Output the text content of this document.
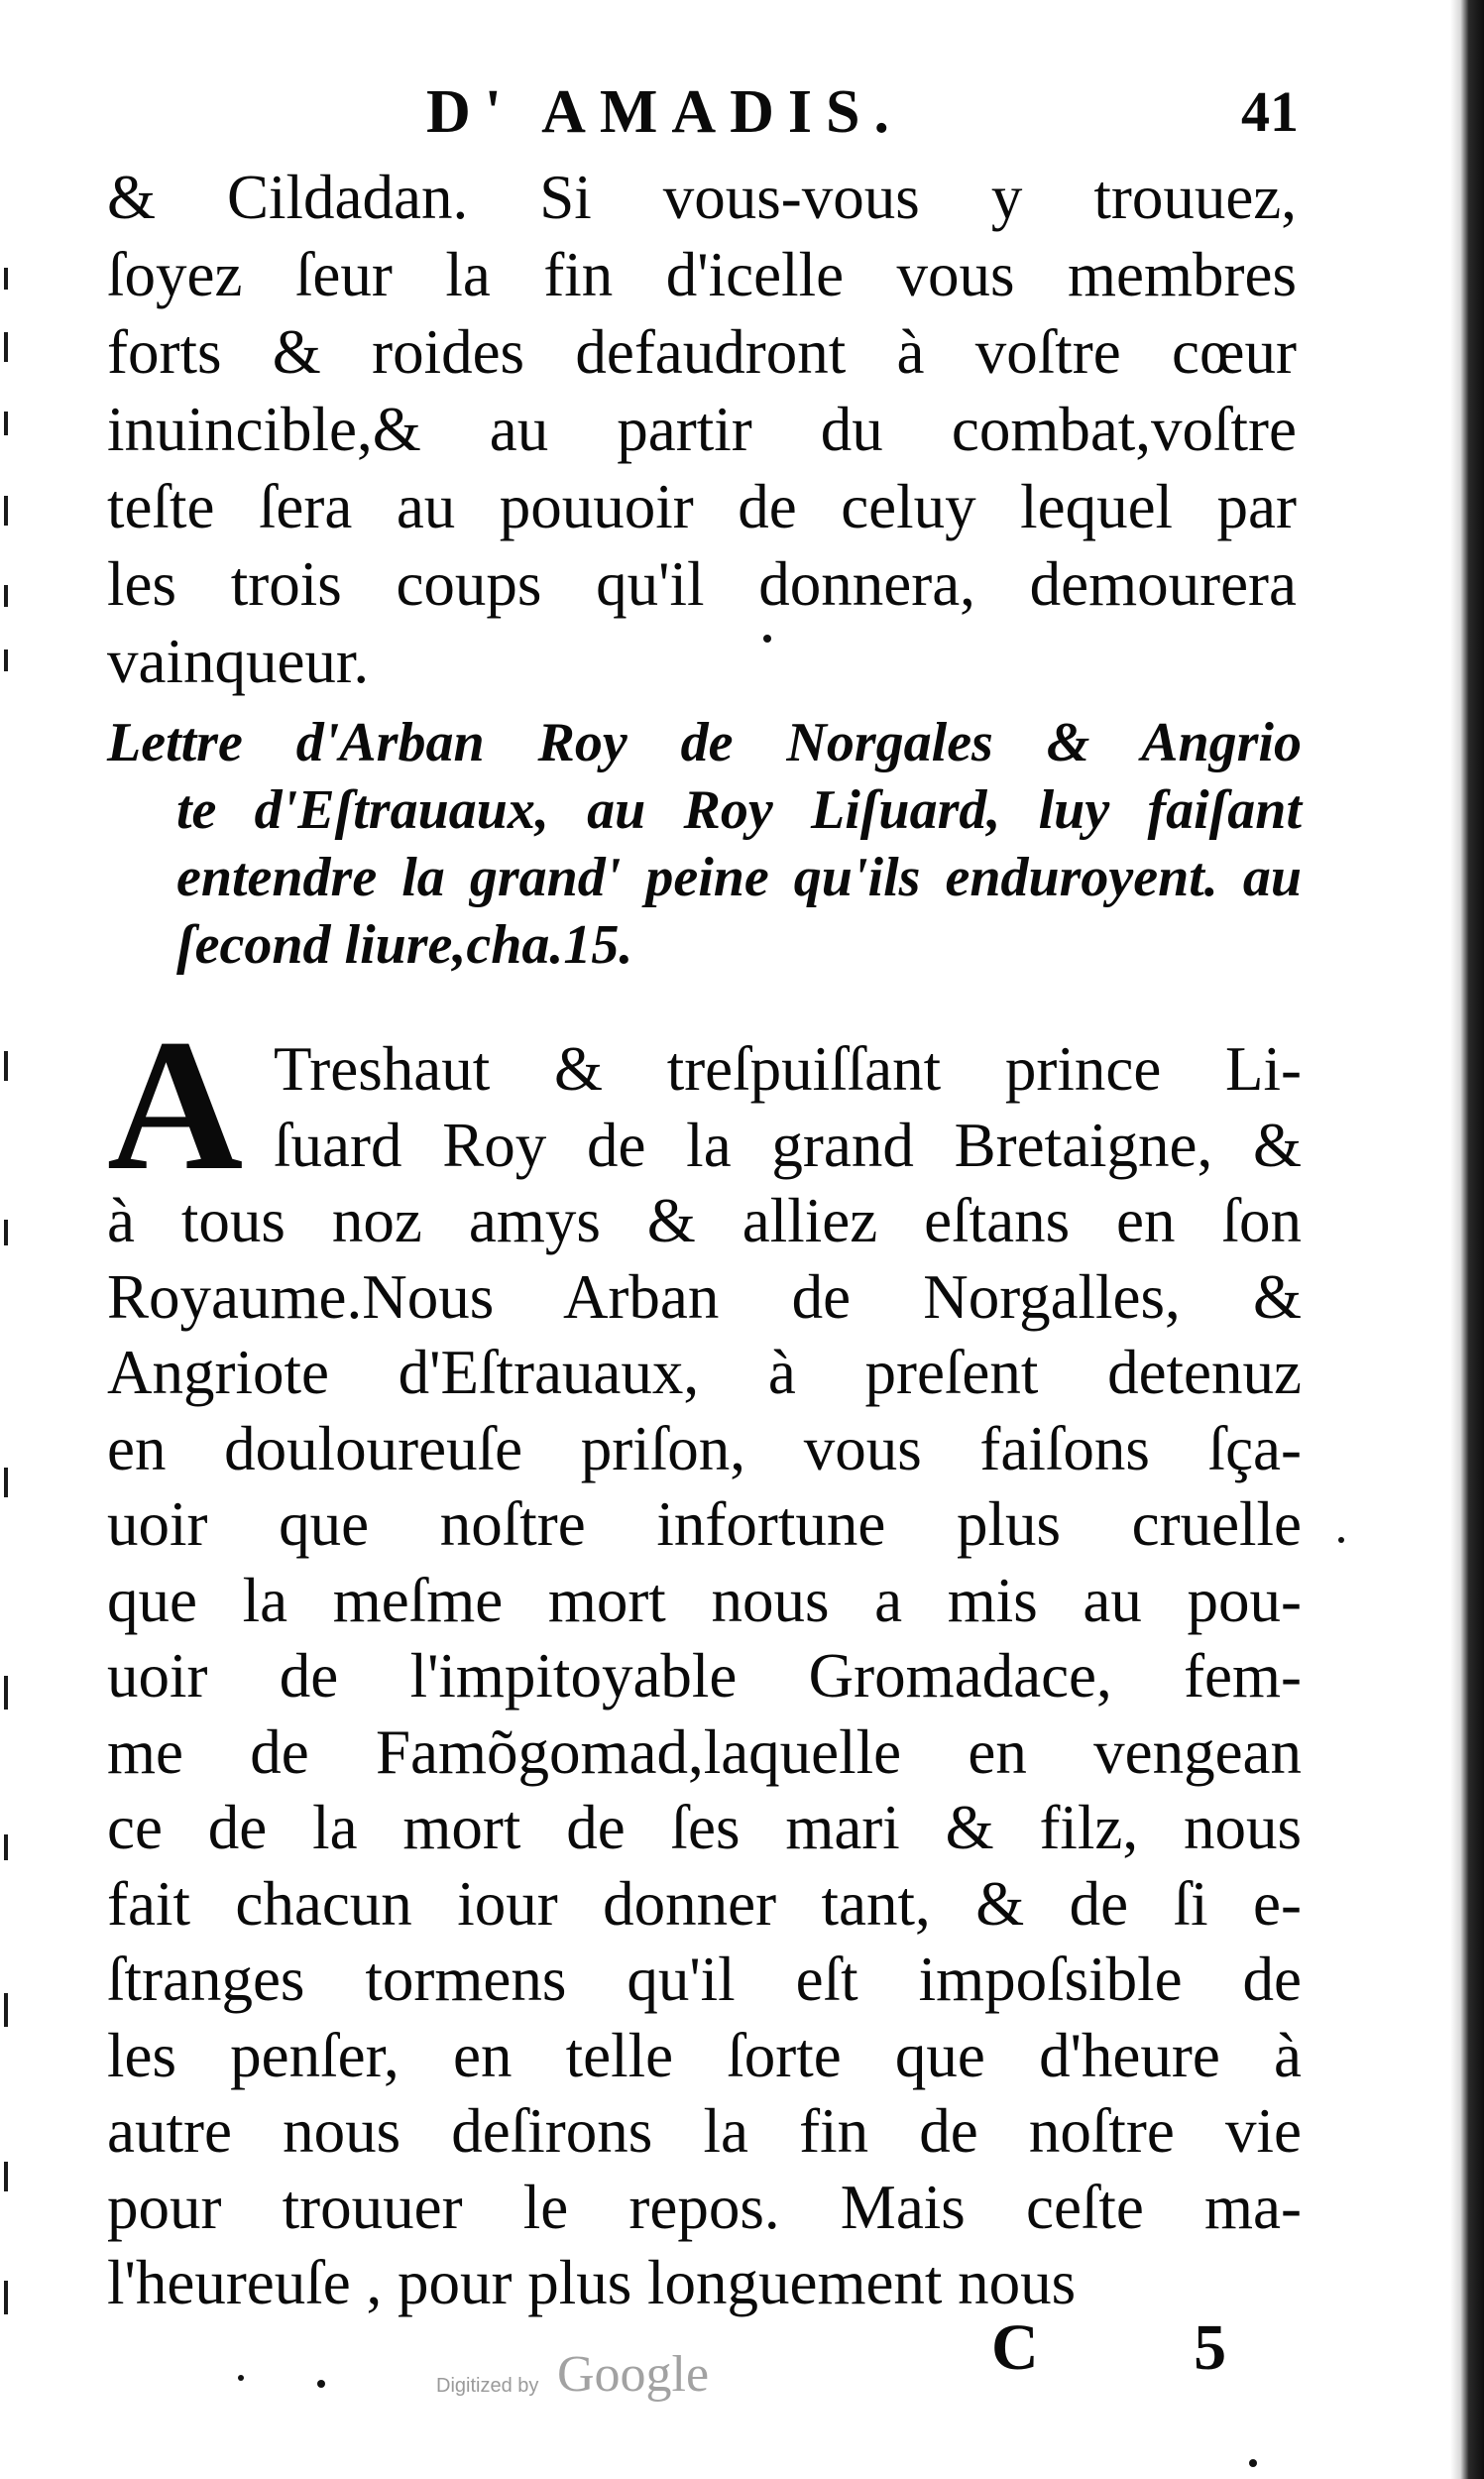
D' AMADIS.	41
& Cildadan. Si vous-vous y trouuez,
ſoyez ſeur la fin d'icelle vous membres
forts & roides defaudront à voſtre cœur
inuincible,& au partir du combat,voſtre
teſte ſera au pouuoir de celuy lequel par
les trois coups qu'il donnera, demourera
vainqueur.
Lettre d'Arban Roy de Norgales & Angrio
te d'Eſtrauaux, au Roy Liſuard, luy faiſant
entendre la grand' peine qu'ils enduroyent. au
ſecond liure,cha.15.
A Treshaut & treſpuiſſant prince Li-
ſuard Roy de la grand Bretaigne, &
à tous noz amys & alliez eſtans en ſon
Royaume.Nous Arban de Norgalles, &
Angriote d'Eſtrauaux, à preſent detenuz
en douloureuſe priſon, vous faiſons ſça-
uoir que noſtre infortune plus cruelle
que la meſme mort nous a mis au pou-
uoir de l'impitoyable Gromadace, fem-
me de Famõgomad,laquelle en vengean
ce de la mort de ſes mari & filz, nous
fait chacun iour donner tant, & de ſi e-
ſtranges tormens qu'il eſt impoſsible de
les penſer, en telle ſorte que d'heure à
autre nous deſirons la fin de noſtre vie
pour trouuer le repos. Mais ceſte ma-
l'heureuſe , pour plus longuement nous
C 5
Digitized by Google
